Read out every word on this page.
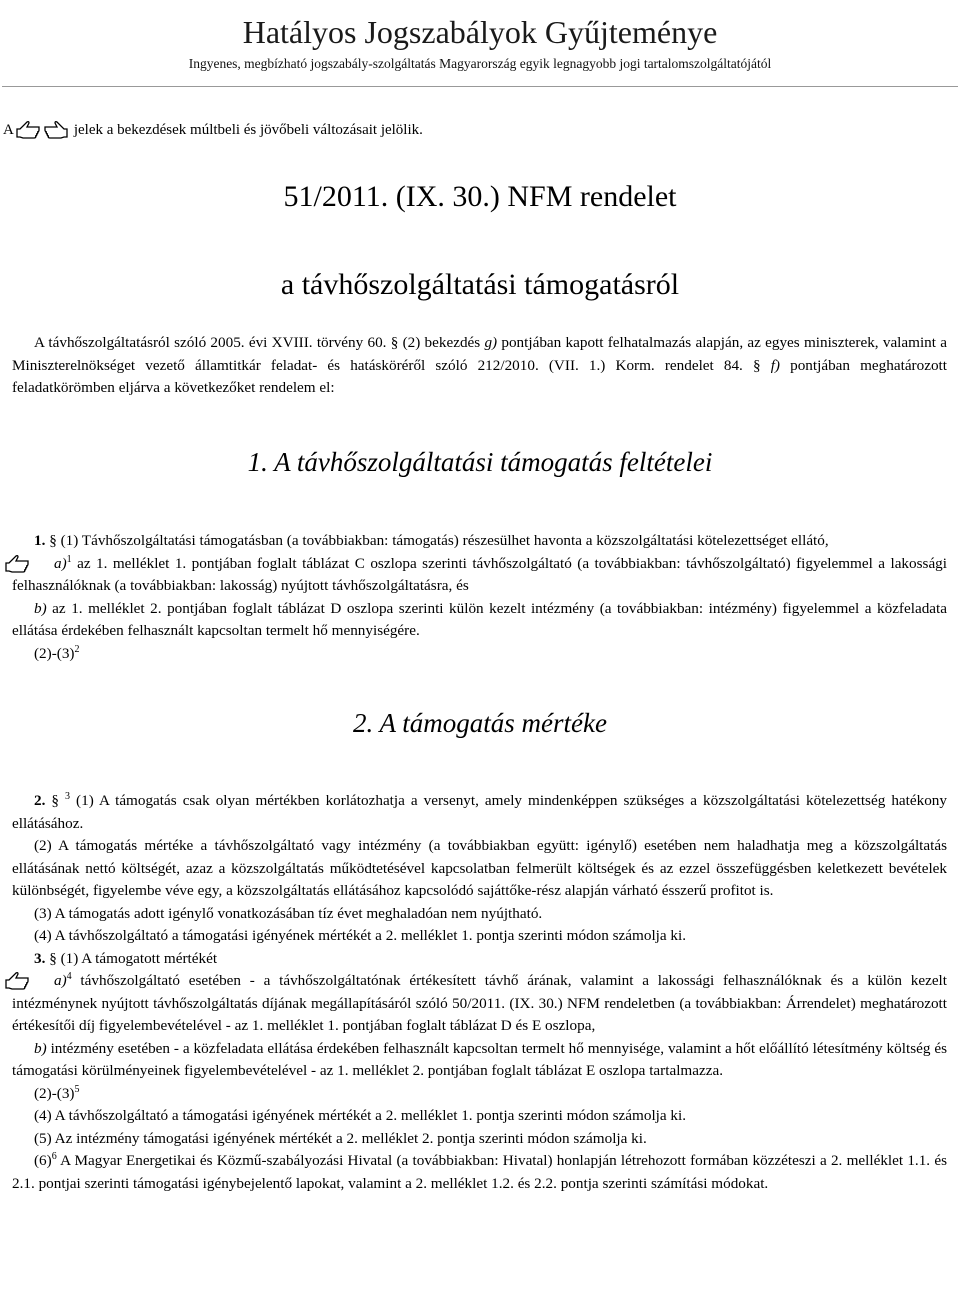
Hatályos Jogszabályok Gyűjteménye
Ingyenes, megbízható jogszabály-szolgáltatás Magyarország egyik legnagyobb jogi tartalomszolgáltatójától
A	jelek a bekezdések múltbeli és jövőbeli változásait jelölik.
51/2011. (IX. 30.) NFM rendelet
a távhőszolgáltatási támogatásról

A távhőszolgáltatásról szóló 2005. évi XVIII. törvény 60. § (2) bekezdés g) pontjában kapott felhatalmazás alapján, az egyes miniszterek, valamint a Miniszterelnökséget vezető államtitkár feladat- és hatásköréről szóló 212/2010. (VII. 1.) Korm. rendelet 84. § f) pontjában meghatározott feladatkörömben eljárva a következőket rendelem el:

1. A távhőszolgáltatási támogatás feltételei

1. § (1) Távhőszolgáltatási támogatásban (a továbbiakban: támogatás) részesülhet havonta a közszolgáltatási kötelezettséget ellátó,

a)$^1$ az 1. melléklet 1. pontjában foglalt táblázat C oszlopa szerinti távhőszolgáltató (a továbbiakban: távhőszolgáltató) figyelemmel a lakossági felhasználóknak (a továbbiakban: lakosság) nyújtott távhőszolgáltatásra, és

b) az 1. melléklet 2. pontjában foglalt táblázat D oszlopa szerinti külön kezelt intézmény (a továbbiakban: intézmény) figyelemmel a közfeladata ellátása érdekében felhasznált kapcsoltan termelt hő mennyiségére.

$(2)-(3)^2$

2. A támogatás mértéke

2. § $^3$ (1) A támogatás csak olyan mértékben korlátozhatja a versenyt, amely mindenképpen szükséges a közszolgáltatási kötelezettség hatékony ellátásához.

(2) A támogatás mértéke a távhőszolgáltató vagy intézmény (a továbbiakban együtt: igénylő) esetében nem haladhatja meg a közszolgáltatás ellátásának nettó költségét, azaz a közszolgáltatás működtetésével kapcsolatban felmerült költségek és az ezzel összefüggésben keletkezett bevételek különbségét, figyelembe véve egy, a közszolgáltatás ellátásához kapcsolódó sajáttőke-rész alapján várható ésszerű profitot is.

(3) A támogatás adott igénylő vonatkozásában tíz évet meghaladóan nem nyújtható.

(4) A távhőszolgáltató a támogatási igényének mértékét a 2. melléklet 1. pontja szerinti módon számolja ki.

3. § (1) A támogatott mértékét

a)$^4$ távhőszolgáltató esetében - a távhőszolgáltatónak értékesített távhő árának, valamint a lakossági felhasználóknak és a külön kezelt intézménynek nyújtott távhőszolgáltatás díjának megállapításáról szóló 50/2011. (IX. 30.) NFM rendeletben (a továbbiakban: Árrendelet) meghatározott értékesítői díj figyelembevételével - az 1. melléklet 1. pontjában foglalt táblázat D és E oszlopa,

b) intézmény esetében - a közfeladata ellátása érdekében felhasznált kapcsoltan termelt hő mennyisége, valamint a hőt előállító létesítmény költség és támogatási körülményeinek figyelembevételével - az 1. melléklet 2. pontjában foglalt táblázat E oszlopa tartalmazza.

$(2)-(3)^5$

(4) A távhőszolgáltató a támogatási igényének mértékét a 2. melléklet 1. pontja szerinti módon számolja ki.

(5) Az intézmény támogatási igényének mértékét a 2. melléklet 2. pontja szerinti módon számolja ki.

$(6)^6$ A Magyar Energetikai és Közmű-szabályozási Hivatal (a továbbiakban: Hivatal) honlapján létrehozott formában közzéteszi a 2. melléklet 1.1. és 2.1. pontjai szerinti támogatási igénybejelentő lapokat, valamint a 2. melléklet 1.2. és 2.2. pontja szerinti számítási módokat.
